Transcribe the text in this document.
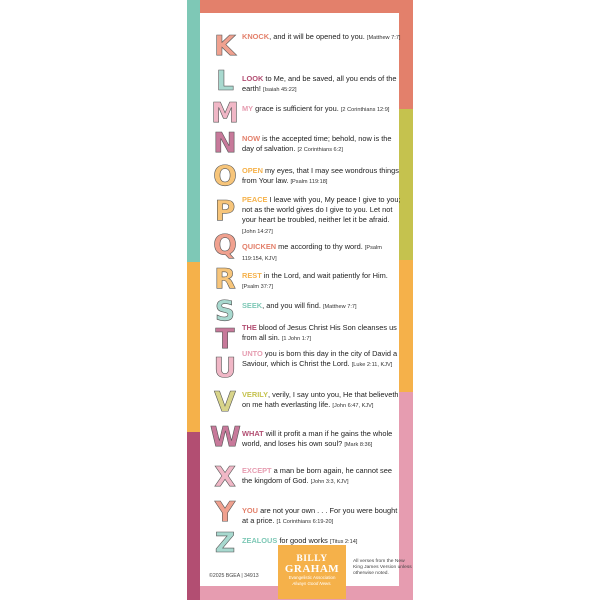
K KNOCK, and it will be opened to you. [Matthew 7:7]
L	LOOK to Me, and be saved, all you ends of the earth! [Isaiah 45:22]
M MY grace is sufficient for you. [2 Corinthians 12:9]
N NOW is the accepted time; behold, now is the day of salvation. [2 Corinthians 6:2]
O OPEN my eyes, that I may see wondrous things from Your law. [Psalm 119:18]
P PEACE I leave with you, My peace I give to you; not as the world gives do I give to you. Let not your heart be troubled, neither let it be afraid. [John 14:27]
Q QUICKEN me according to thy word. [Psalm 119:154, KJV]
R REST in the Lord, and wait patiently for Him. [Psalm 37:7]
S SEEK, and you will find. [Matthew 7:7]
T	THE blood of Jesus Christ His Son cleanses us from all sin. [1 John 1:7]
U UNTO you is born this day in the city of David a Saviour, which is Christ the Lord. [Luke 2:11, KJV]
V VERILY, verily, I say unto you, He that believeth on me hath everlasting life. [John 6:47, KJV]
W WHAT will it profit a man if he gains the whole world, and loses his own soul? [Mark 8:36]
X EXCEPT a man be born again, he cannot see the kingdom of God. [John 3:3, KJV]
Y YOU are not your own . . . For you were bought at a price. [1 Corinthians 6:19-20]
Z ZEALOUS for good works [Titus 2:14]
©2025 BGEA | 34913
BILLY
GRAHAM
Evangelistic Association
Always Good News.
All verses from the New King James Version unless otherwise noted.
